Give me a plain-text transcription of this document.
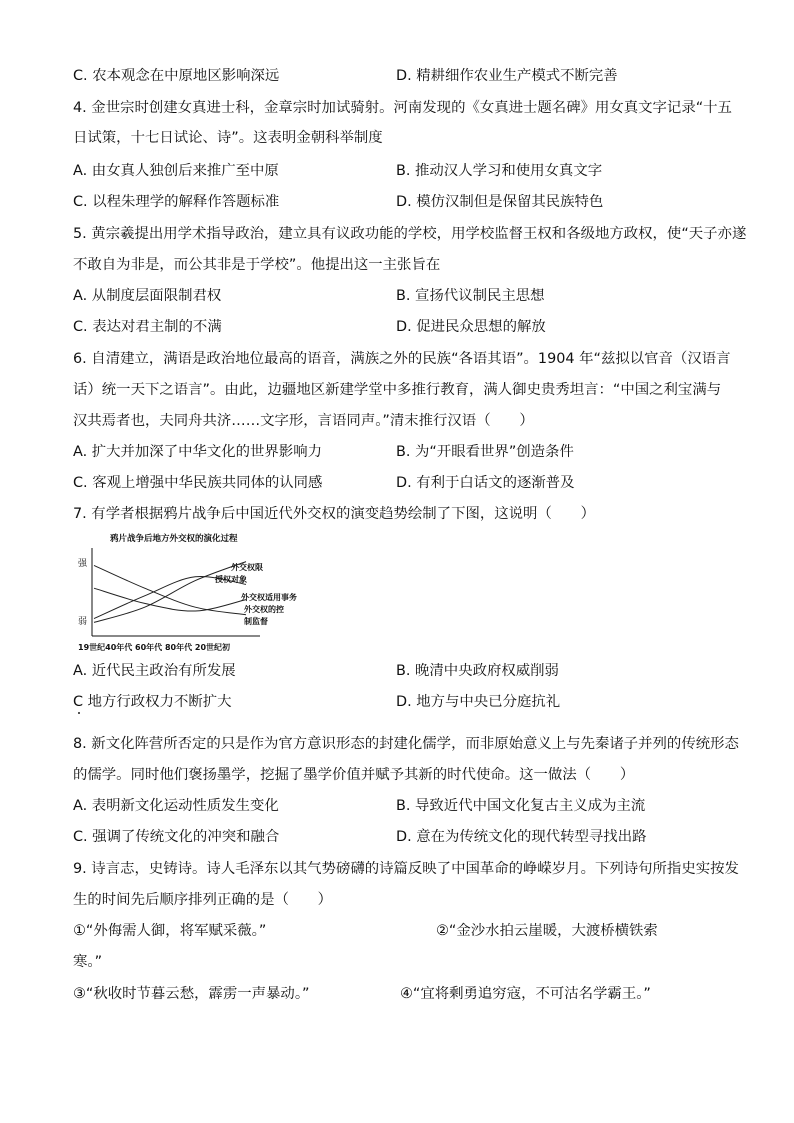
C. 农本观念在中原地区影响深远	D. 精耕细作农业生产模式不断完善
4. 金世宗时创建女真进士科，金章宗时加试骑射。河南发现的《女真进士题名碑》用女真文字记录“十五
日试策，十七日试论、诗”。这表明金朝科举制度
A. 由女真人独创后来推广至中原	B. 推动汉人学习和使用女真文字
C. 以程朱理学的解释作答题标准	D. 模仿汉制但是保留其民族特色
5. 黄宗羲提出用学术指导政治，建立具有议政功能的学校，用学校监督王权和各级地方政权，使“天子亦遂
不敢自为非是，而公其非是于学校”。他提出这一主张旨在
A. 从制度层面限制君权	B. 宣扬代议制民主思想
C. 表达对君主制的不满	D. 促进民众思想的解放
6. 自清建立，满语是政治地位最高的语音，满族之外的民族“各语其语”。1904 年“兹拟以官音（汉语言
话）统一天下之语言”。由此，边疆地区新建学堂中多推行教育，满人御史贵秀坦言：“中国之利宝满与
汉共焉者也，夫同舟共济……文字形，言语同声。”清末推行汉语（　　）
A. 扩大并加深了中华文化的世界影响力	B. 为“开眼看世界”创造条件
C. 客观上增强中华民族共同体的认同感	D. 有利于白话文的逐渐普及
7. 有学者根据鸦片战争后中国近代外交权的演变趋势绘制了下图，这说明（　　）
鸦片战争后地方外交权的演化过程
强
弱
外交权限
授权对象
外交权适用事务
外交权的控
制监督
19世纪40年代 60年代 80年代 20世纪初
A. 近代民主政治有所发展	B. 晚清中央政府权威削弱
C 地方行政权力不断扩大	D. 地方与中央已分庭抗礼
8. 新文化阵营所否定的只是作为官方意识形态的封建化儒学，而非原始意义上与先秦诸子并列的传统形态
的儒学。同时他们褒扬墨学，挖掘了墨学价值并赋予其新的时代使命。这一做法（　　）
A. 表明新文化运动性质发生变化	B. 导致近代中国文化复古主义成为主流
C. 强调了传统文化的冲突和融合	D. 意在为传统文化的现代转型寻找出路
9. 诗言志，史铸诗。诗人毛泽东以其气势磅礴的诗篇反映了中国革命的峥嵘岁月。下列诗句所指史实按发
生的时间先后顺序排列正确的是（　　）
①“外侮需人御，将军赋采薇。”	②“金沙水拍云崖暖，大渡桥横铁索
寒。”
③“秋收时节暮云愁，霹雳一声暴动。”	④“宜将剩勇追穷寇，不可沽名学霸王。”
